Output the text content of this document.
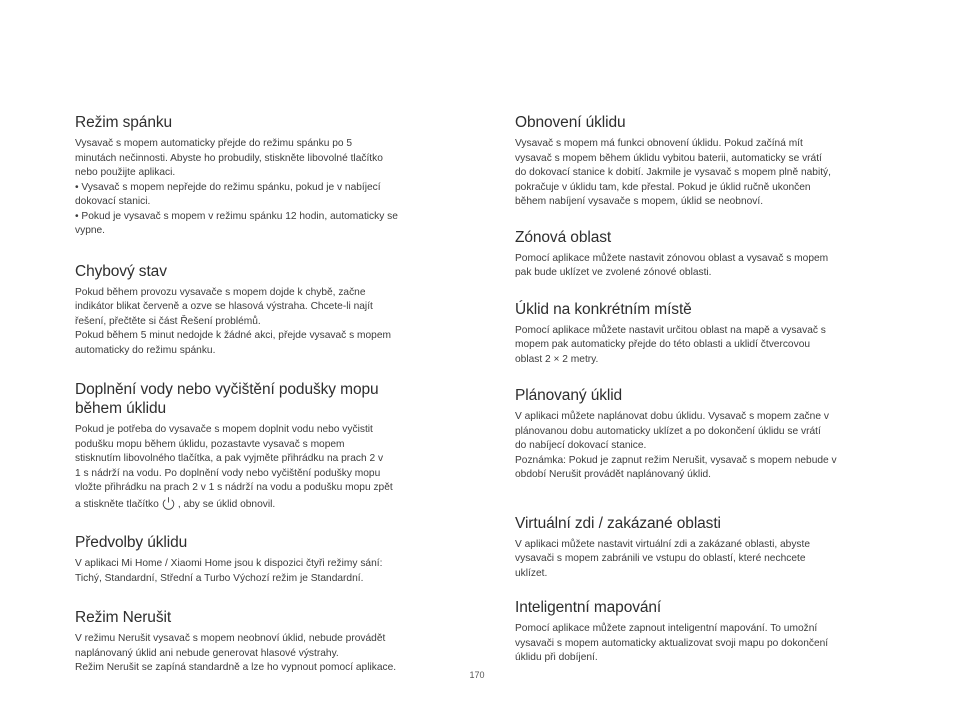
Režim spánku

Vysavač s mopem automaticky přejde do režimu spánku po 5
minutách nečinnosti. Abyste ho probudily, stiskněte libovolné tlačítko
nebo použijte aplikaci.
• Vysavač s mopem nepřejde do režimu spánku, pokud je v nabíjecí
dokovací stanici.
• Pokud je vysavač s mopem v režimu spánku 12 hodin, automaticky se
vypne.

Chybový stav

Pokud během provozu vysavače s mopem dojde k chybě, začne
indikátor blikat červeně a ozve se hlasová výstraha. Chcete-li najít
řešení, přečtěte si část Řešení problémů.
Pokud během 5 minut nedojde k žádné akci, přejde vysavač s mopem
automaticky do režimu spánku.

Doplnění vody nebo vyčištění podušky mopu
během úklidu

Pokud je potřeba do vysavače s mopem doplnit vodu nebo vyčistit
podušku mopu během úklidu, pozastavte vysavač s mopem
stisknutím libovolného tlačítka, a pak vyjměte přihrádku na prach 2 v
1 s nádrží na vodu. Po doplnění vody nebo vyčištění podušky mopu
vložte přihrádku na prach 2 v 1 s nádrží na vodu a podušku mopu zpět
a stiskněte tlačítko , aby se úklid obnovil.

Předvolby úklidu

V aplikaci Mi Home / Xiaomi Home jsou k dispozici čtyři režimy sání:
Tichý, Standardní, Střední a Turbo Výchozí režim je Standardní.

Režim Nerušit

V režimu Nerušit vysavač s mopem neobnoví úklid, nebude provádět
naplánovaný úklid ani nebude generovat hlasové výstrahy.
Režim Nerušit se zapíná standardně a lze ho vypnout pomocí aplikace.

Obnovení úklidu

Vysavač s mopem má funkci obnovení úklidu. Pokud začíná mít
vysavač s mopem během úklidu vybitou baterii, automaticky se vrátí
do dokovací stanice k dobití. Jakmile je vysavač s mopem plně nabitý,
pokračuje v úklidu tam, kde přestal. Pokud je úklid ručně ukončen
během nabíjení vysavače s mopem, úklid se neobnoví.

Zónová oblast

Pomocí aplikace můžete nastavit zónovou oblast a vysavač s mopem
pak bude uklízet ve zvolené zónové oblasti.

Úklid na konkrétním místě

Pomocí aplikace můžete nastavit určitou oblast na mapě a vysavač s
mopem pak automaticky přejde do této oblasti a uklidí čtvercovou
oblast 2 × 2 metry.

Plánovaný úklid

V aplikaci můžete naplánovat dobu úklidu. Vysavač s mopem začne v
plánovanou dobu automaticky uklízet a po dokončení úklidu se vrátí
do nabíjecí dokovací stanice.
Poznámka: Pokud je zapnut režim Nerušit, vysavač s mopem nebude v
období Nerušit provádět naplánovaný úklid.

Virtuální zdi / zakázané oblasti

V aplikaci můžete nastavit virtuální zdi a zakázané oblasti, abyste
vysavači s mopem zabránili ve vstupu do oblastí, které nechcete
uklízet.

Inteligentní mapování

Pomocí aplikace můžete zapnout inteligentní mapování. To umožní
vysavači s mopem automaticky aktualizovat svoji mapu po dokončení
úklidu při dobíjení.

170
